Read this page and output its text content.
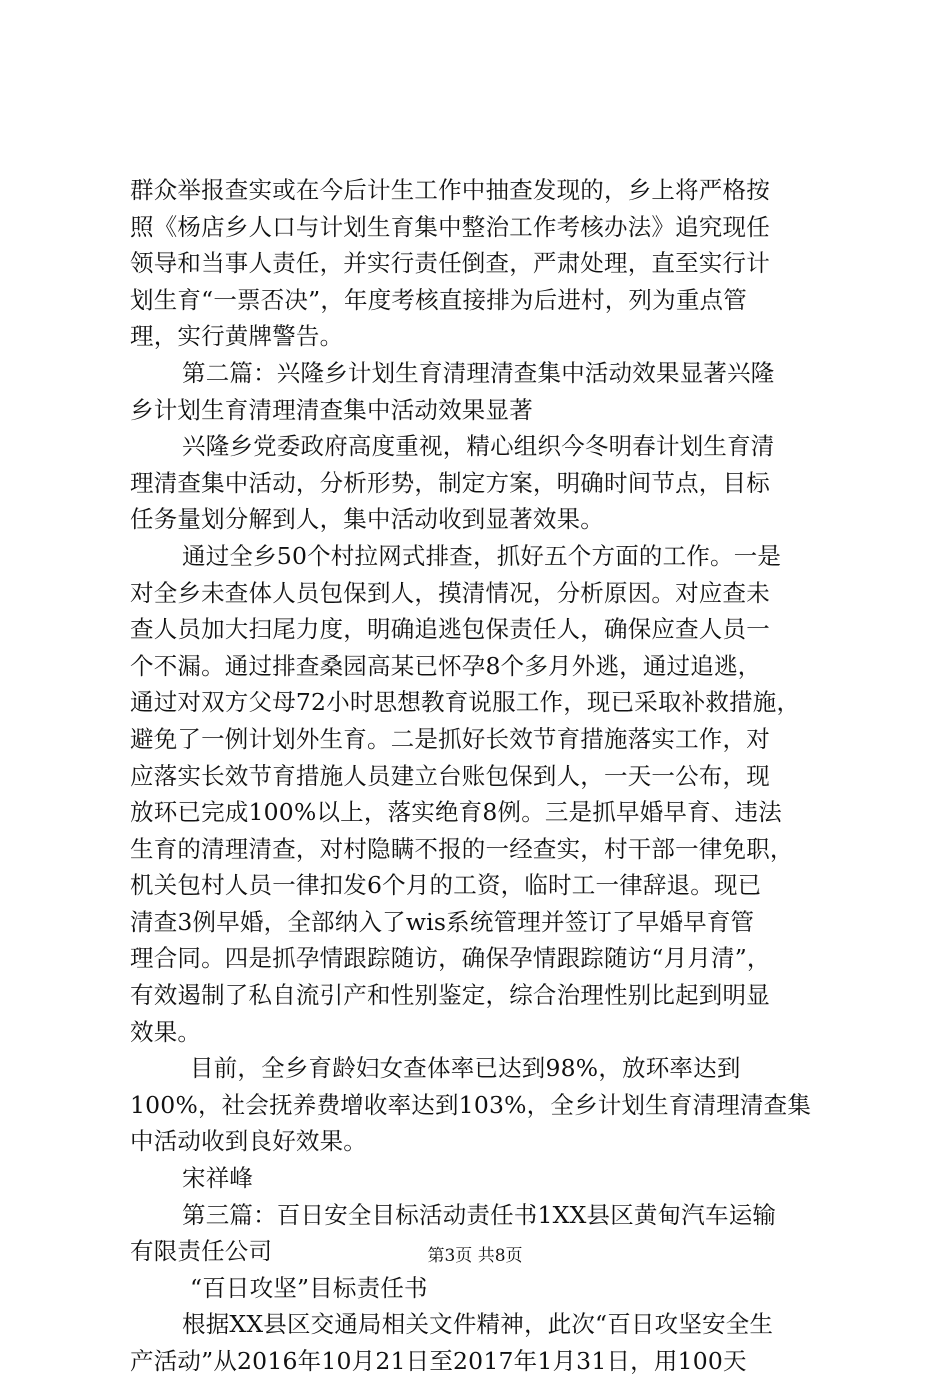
群众举报查实或在今后计生工作中抽查发现的，乡上将严格按
照《杨店乡人口与计划生育集中整治工作考核办法》追究现任
领导和当事人责任，并实行责任倒查，严肃处理，直至实行计
划生育“一票否决”，年度考核直接排为后进村，列为重点管
理，实行黄牌警告。
第二篇：兴隆乡计划生育清理清查集中活动效果显著兴隆
乡计划生育清理清查集中活动效果显著
兴隆乡党委政府高度重视，精心组织今冬明春计划生育清
理清查集中活动，分析形势，制定方案，明确时间节点，目标
任务量划分解到人，集中活动收到显著效果。
通过全乡50个村拉网式排查，抓好五个方面的工作。一是
对全乡未查体人员包保到人，摸清情况，分析原因。对应查未
查人员加大扫尾力度，明确追逃包保责任人，确保应查人员一
个不漏。通过排查桑园高某已怀孕8个多月外逃，通过追逃，
通过对双方父母72小时思想教育说服工作，现已采取补救措施，
避免了一例计划外生育。二是抓好长效节育措施落实工作，对
应落实长效节育措施人员建立台账包保到人，一天一公布，现
放环已完成100%以上，落实绝育8例。三是抓早婚早育、违法
生育的清理清查，对村隐瞒不报的一经查实，村干部一律免职，
机关包村人员一律扣发6个月的工资，临时工一律辞退。现已
清查3例早婚，全部纳入了wis系统管理并签订了早婚早育管
理合同。四是抓孕情跟踪随访，确保孕情跟踪随访“月月清”，
有效遏制了私自流引产和性别鉴定，综合治理性别比起到明显
效果。
目前，全乡育龄妇女查体率已达到98%，放环率达到
100%，社会抚养费增收率达到103%，全乡计划生育清理清查集
中活动收到良好效果。
宋祥峰
第三篇：百日安全目标活动责任书1XX县区黄甸汽车运输
有限责任公司
“百日攻坚”目标责任书
根据XX县区交通局相关文件精神，此次“百日攻坚安全生
产活动”从2016年10月21日至2017年1月31日，用100天
第3页 共8页
